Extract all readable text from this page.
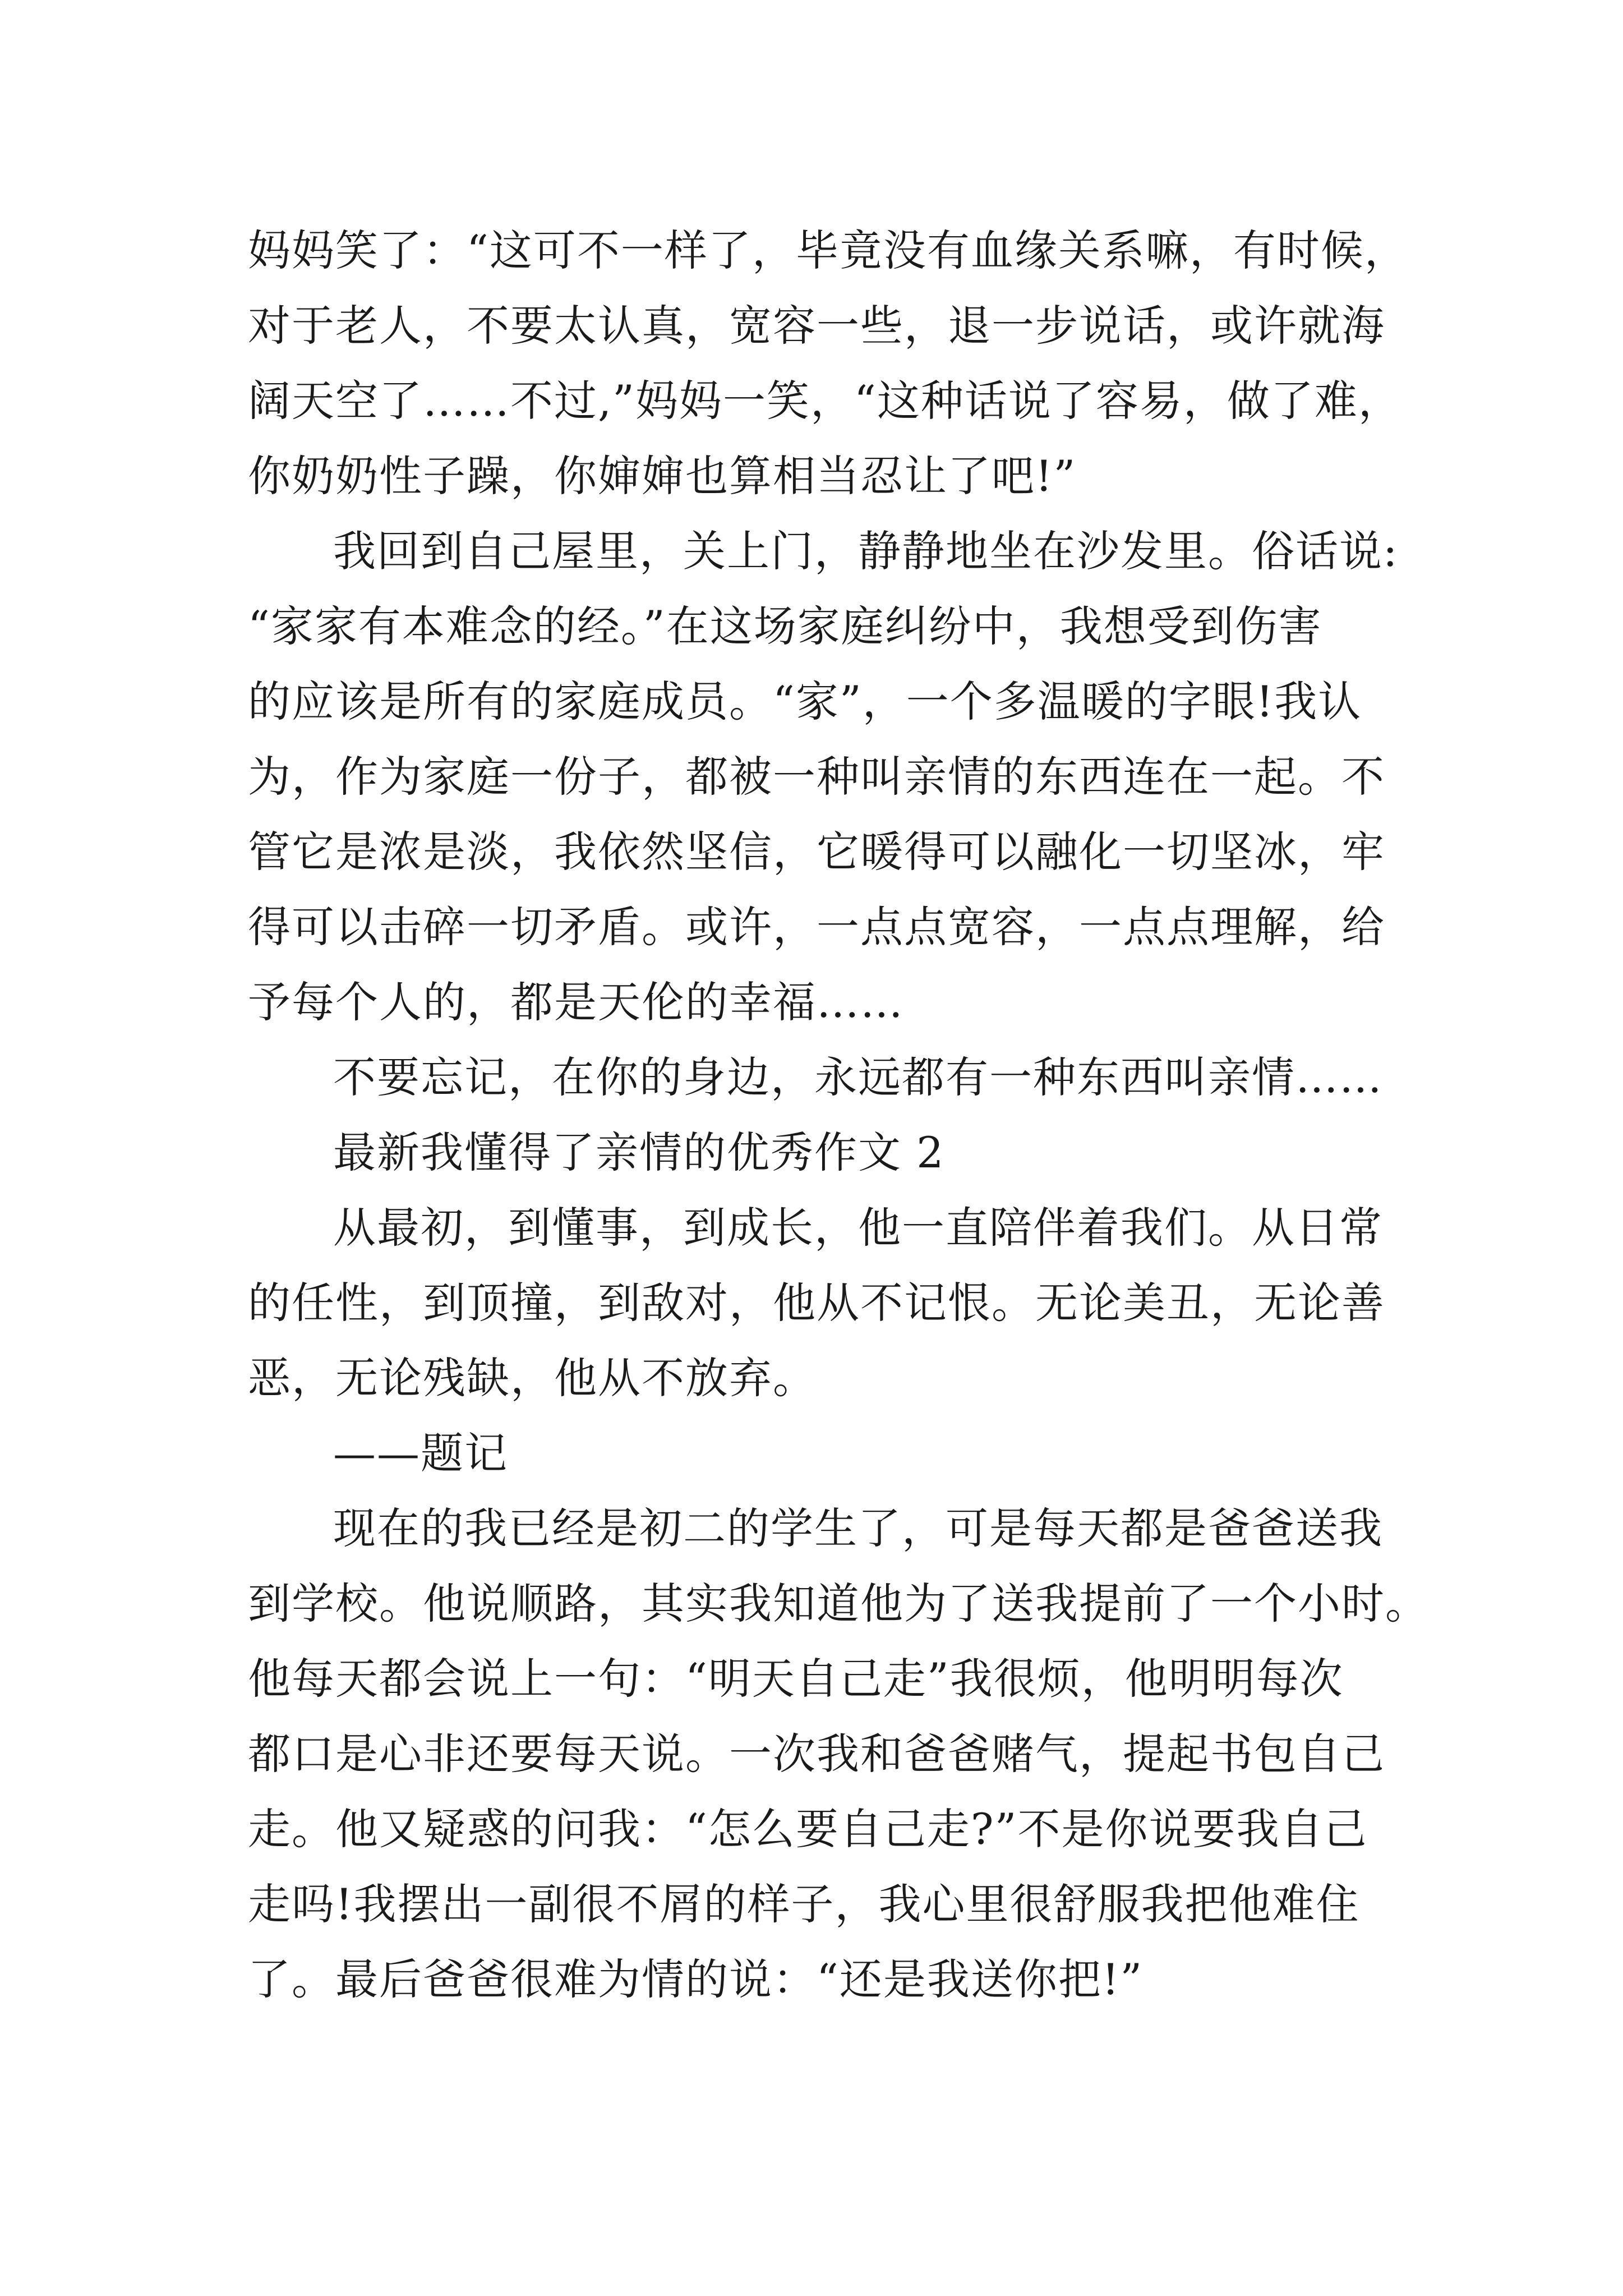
妈妈笑了：“这可不一样了，毕竟没有血缘关系嘛，有时候，
对于老人，不要太认真，宽容一些，退一步说话，或许就海
阔天空了……不过,”妈妈一笑，“这种话说了容易，做了难，
你奶奶性子躁，你婶婶也算相当忍让了吧!”

我回到自己屋里，关上门，静静地坐在沙发里。俗话说:
“家家有本难念的经。”在这场家庭纠纷中，我想受到伤害
的应该是所有的家庭成员。“家”，一个多温暖的字眼!我认
为，作为家庭一份子，都被一种叫亲情的东西连在一起。不
管它是浓是淡，我依然坚信，它暖得可以融化一切坚冰，牢
得可以击碎一切矛盾。或许，一点点宽容，一点点理解，给
予每个人的，都是天伦的幸福……

不要忘记，在你的身边，永远都有一种东西叫亲情……

最新我懂得了亲情的优秀作文 2

从最初，到懂事，到成长，他一直陪伴着我们。从日常
的任性，到顶撞，到敌对，他从不记恨。无论美丑，无论善
恶，无论残缺，他从不放弃。

——题记

现在的我已经是初二的学生了，可是每天都是爸爸送我
到学校。他说顺路，其实我知道他为了送我提前了一个小时。
他每天都会说上一句：“明天自己走”我很烦，他明明每次
都口是心非还要每天说。一次我和爸爸赌气，提起书包自己
走。他又疑惑的问我：“怎么要自己走?”不是你说要我自己
走吗!我摆出一副很不屑的样子，我心里很舒服我把他难住
了。最后爸爸很难为情的说：“还是我送你把!”
